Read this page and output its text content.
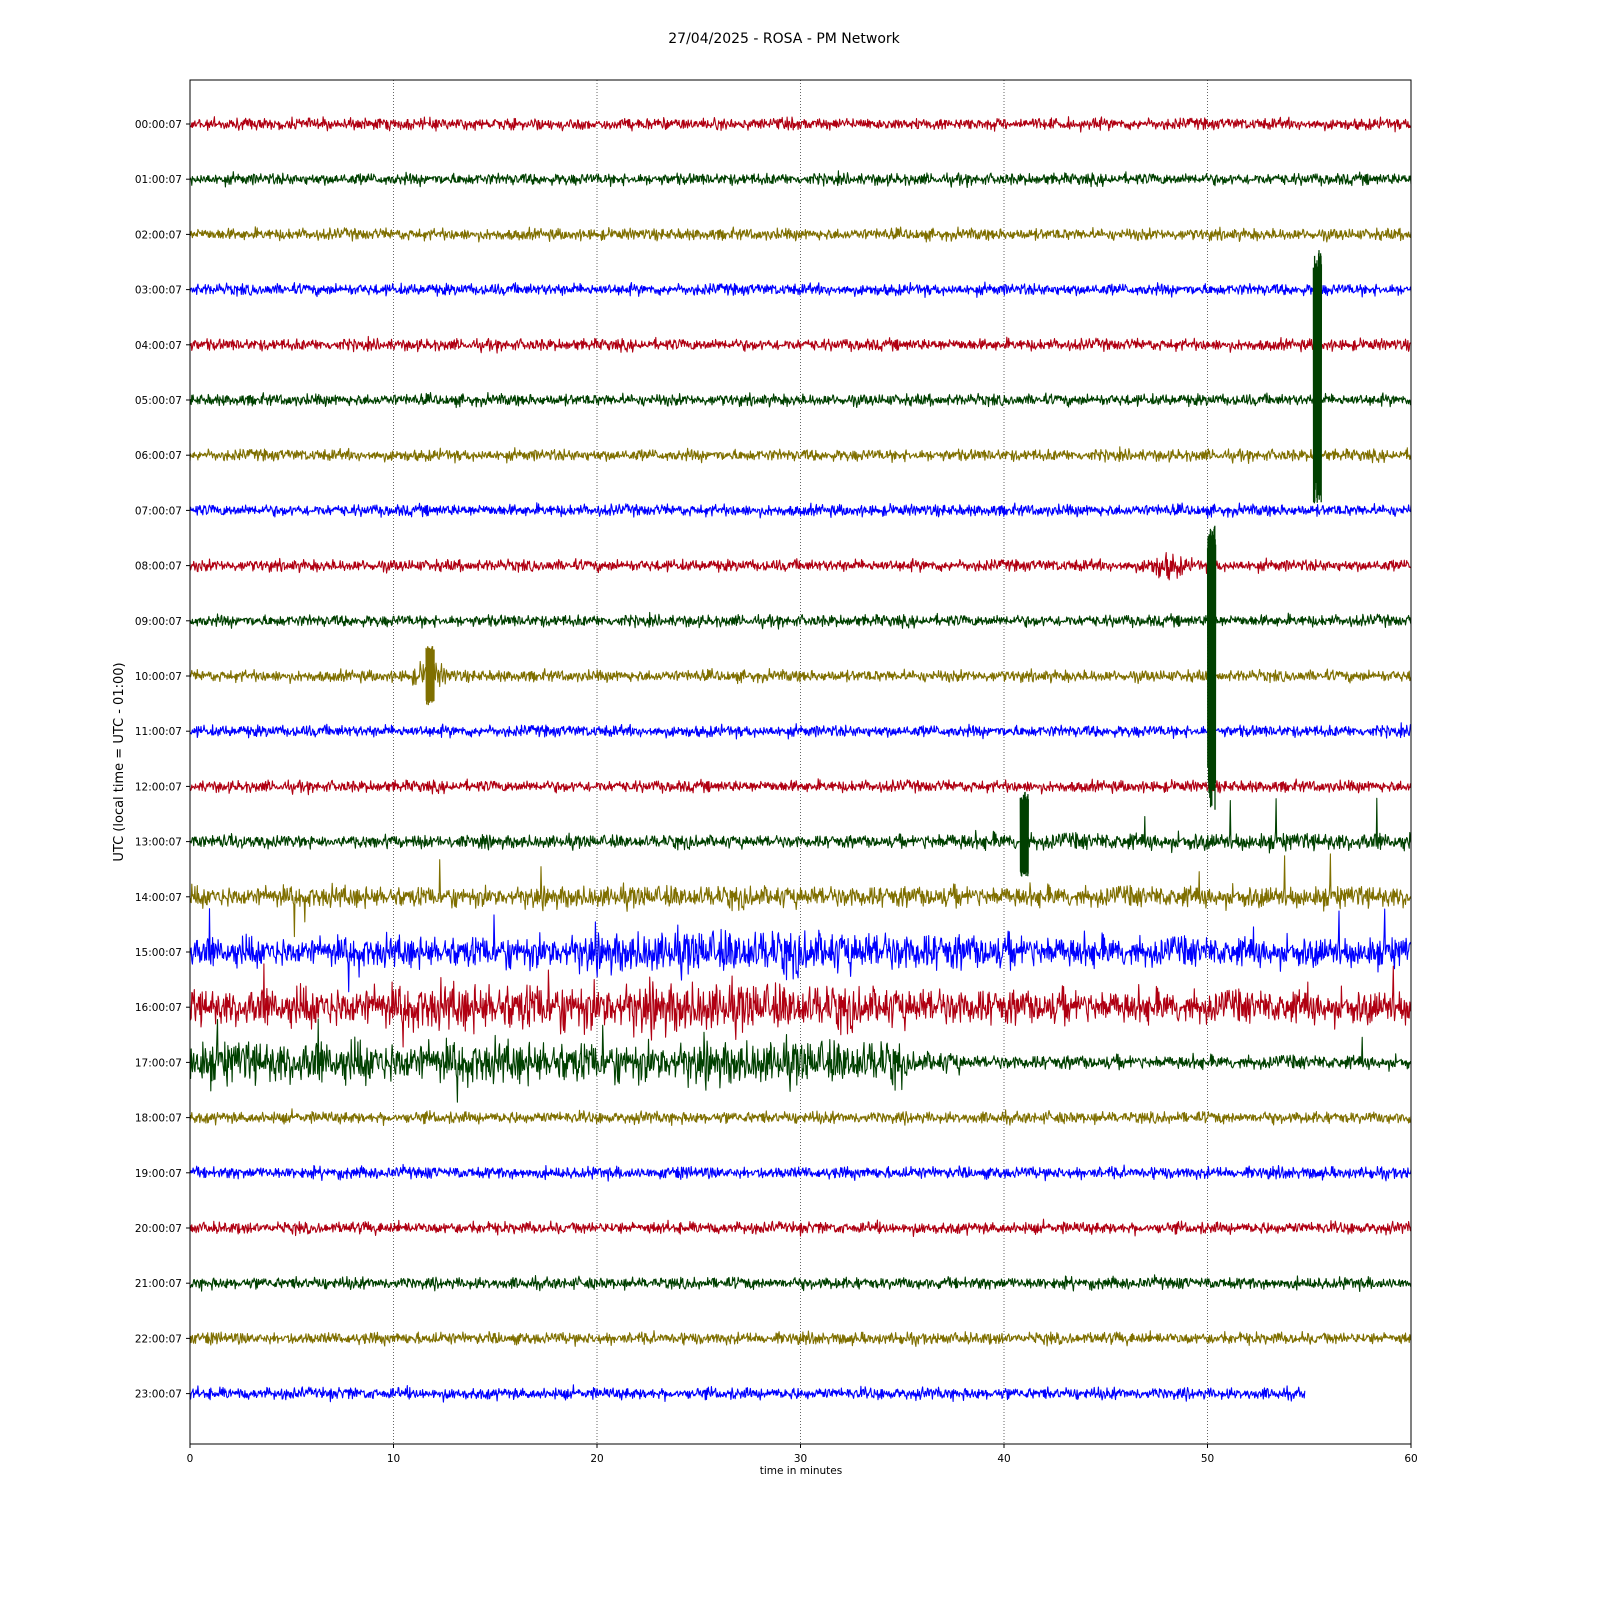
27/04/2025 - ROSA - PM Network
00:00:07
01:00:07
02:00:07
03:00:07
04:00:07
05:00:07
06:00:07
07:00:07
08:00:07
09:00:07
10:00:07
11:00:07
12:00:07
13:00:07
14:00:07
15:00:07
16:00:07
17:00:07
18:00:07
19:00:07
20:00:07
21:00:07
22:00:07
23:00:07
0	10	20	30	40	50	60
time in minutes
UTC (local time = UTC - 01:00)
